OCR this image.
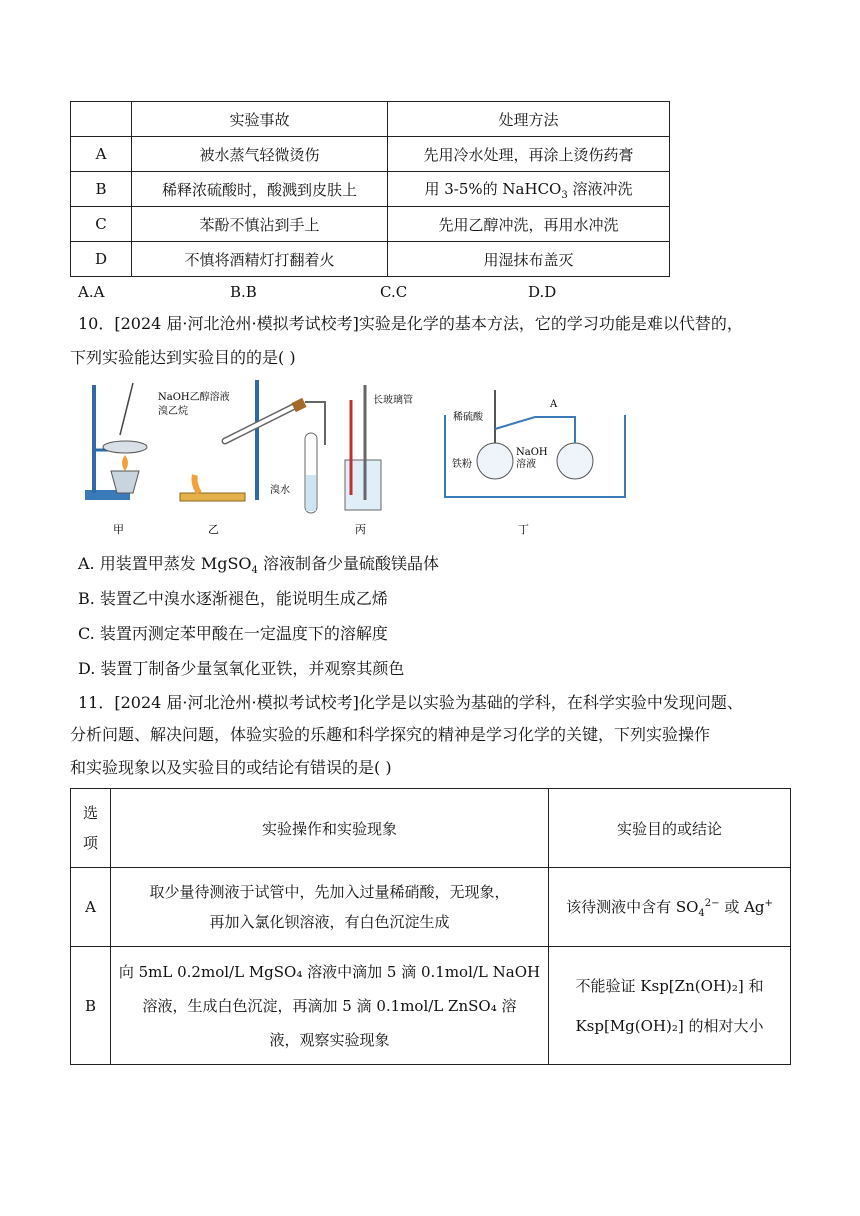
	实验事故	处理方法
A	被水蒸气轻微烫伤	先用冷水处理，再涂上烫伤药膏
B	稀释浓硫酸时，酸溅到皮肤上	用 3-5%的 NaHCO$_3$ 溶液冲洗
C	苯酚不慎沾到手上	先用乙醇冲洗，再用水冲洗
D	不慎将酒精灯打翻着火	用湿抹布盖灭
A.A	B.B	C.C	D.D
10．[2024 届·河北沧州·模拟考试校考]实验是化学的基本方法，它的学习功能是难以代替的，
下列实验能达到实验目的的是( )
甲
NaOH乙醇溶液
溴乙烷
溴水
乙
长玻璃管
丙
稀硫酸
A
铁粉
NaOH
溶液
丁
A. 用装置甲蒸发 MgSO$_4$ 溶液制备少量硫酸镁晶体
B. 装置乙中溴水逐渐褪色，能说明生成乙烯
C. 装置丙测定苯甲酸在一定温度下的溶解度
D. 装置丁制备少量氢氧化亚铁，并观察其颜色
11．[2024 届·河北沧州·模拟考试校考]化学是以实验为基础的学科，在科学实验中发现问题、
分析问题、解决问题，体验实验的乐趣和科学探究的精神是学习化学的关键，下列实验操作
和实验现象以及实验目的或结论有错误的是( )
选
项	实验操作和实验现象	实验目的或结论
A	取少量待测液于试管中，先加入过量稀硝酸，无现象，
再加入氯化钡溶液，有白色沉淀生成	该待测液中含有 $SO_4^{2-}$ 或 Ag+
B	向 5mL 0.2mol/L MgSO₄ 溶液中滴加 5 滴 0.1mol/L NaOH
溶液，生成白色沉淀，再滴加 5 滴 0.1mol/L ZnSO₄ 溶
液，观察实验现象	不能验证 Ksp[Zn(OH)₂] 和
Ksp[Mg(OH)₂] 的相对大小
